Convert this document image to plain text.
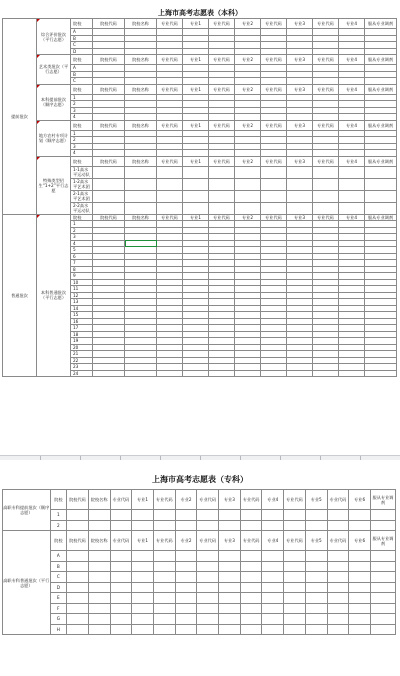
上海市高考志愿表（本科）
提前批次	综合评价批次（平行志愿）	院校	院校代码	院校名称	专业代码	专业1	专业代码	专业2	专业代码	专业3	专业代码	专业4	服从专业调剂
		A											
		B											
		C											
		D											
	艺术类批次（平行志愿）	院校	院校代码	院校名称	专业代码	专业1	专业代码	专业2	专业代码	专业3	专业代码	专业4	服从专业调剂
		A											
		B											
		C											
	本科提前批次（顺序志愿）	院校	院校代码	院校名称	专业代码	专业1	专业代码	专业2	专业代码	专业3	专业代码	专业4	服从专业调剂
		1											
		2											
		3											
		4											
	地方农村专项计划（顺序志愿）	院校	院校代码	院校名称	专业代码	专业1	专业代码	专业2	专业代码	专业3	专业代码	专业4	服从专业调剂
		1											
		2											
		3											
		4											
	特殊类型招生“1+2”平行志愿	院校	院校代码	院校名称	专业代码	专业1	专业代码	专业2	专业代码	专业3	专业代码	专业4	服从专业调剂
		1-1高水平运动队											
		1-2高水平艺术团											
		2-1高水平艺术团											
		2-2高水平运动队											
普通批次	本科普通批次（平行志愿）	院校	院校代码	院校名称	专业代码	专业1	专业代码	专业2	专业代码	专业3	专业代码	专业4	服从专业调剂
		1											
		2											
		3											
		4											
		5											
		6											
		7											
		8											
		9											
		10											
		11											
		12											
		13											
		14											
		15											
		16											
		17											
		18											
		19											
		20											
		21											
		22											
		23											
		24											
上海市高考志愿表（专科）
高职专科提前批次（顺序志愿）	院校	院校代码	院校名称	专业代码	专业1	专业代码	专业2	专业代码	专业3	专业代码	专业4	专业代码	专业5	专业代码	专业6	服从专业调剂
	1															
	2															
高职专科普通批次（平行志愿）	院校	院校代码	院校名称	专业代码	专业1	专业代码	专业2	专业代码	专业3	专业代码	专业4	专业代码	专业5	专业代码	专业6	服从专业调剂
	A															
	B															
	C															
	D															
	E															
	F															
	G															
	H															
